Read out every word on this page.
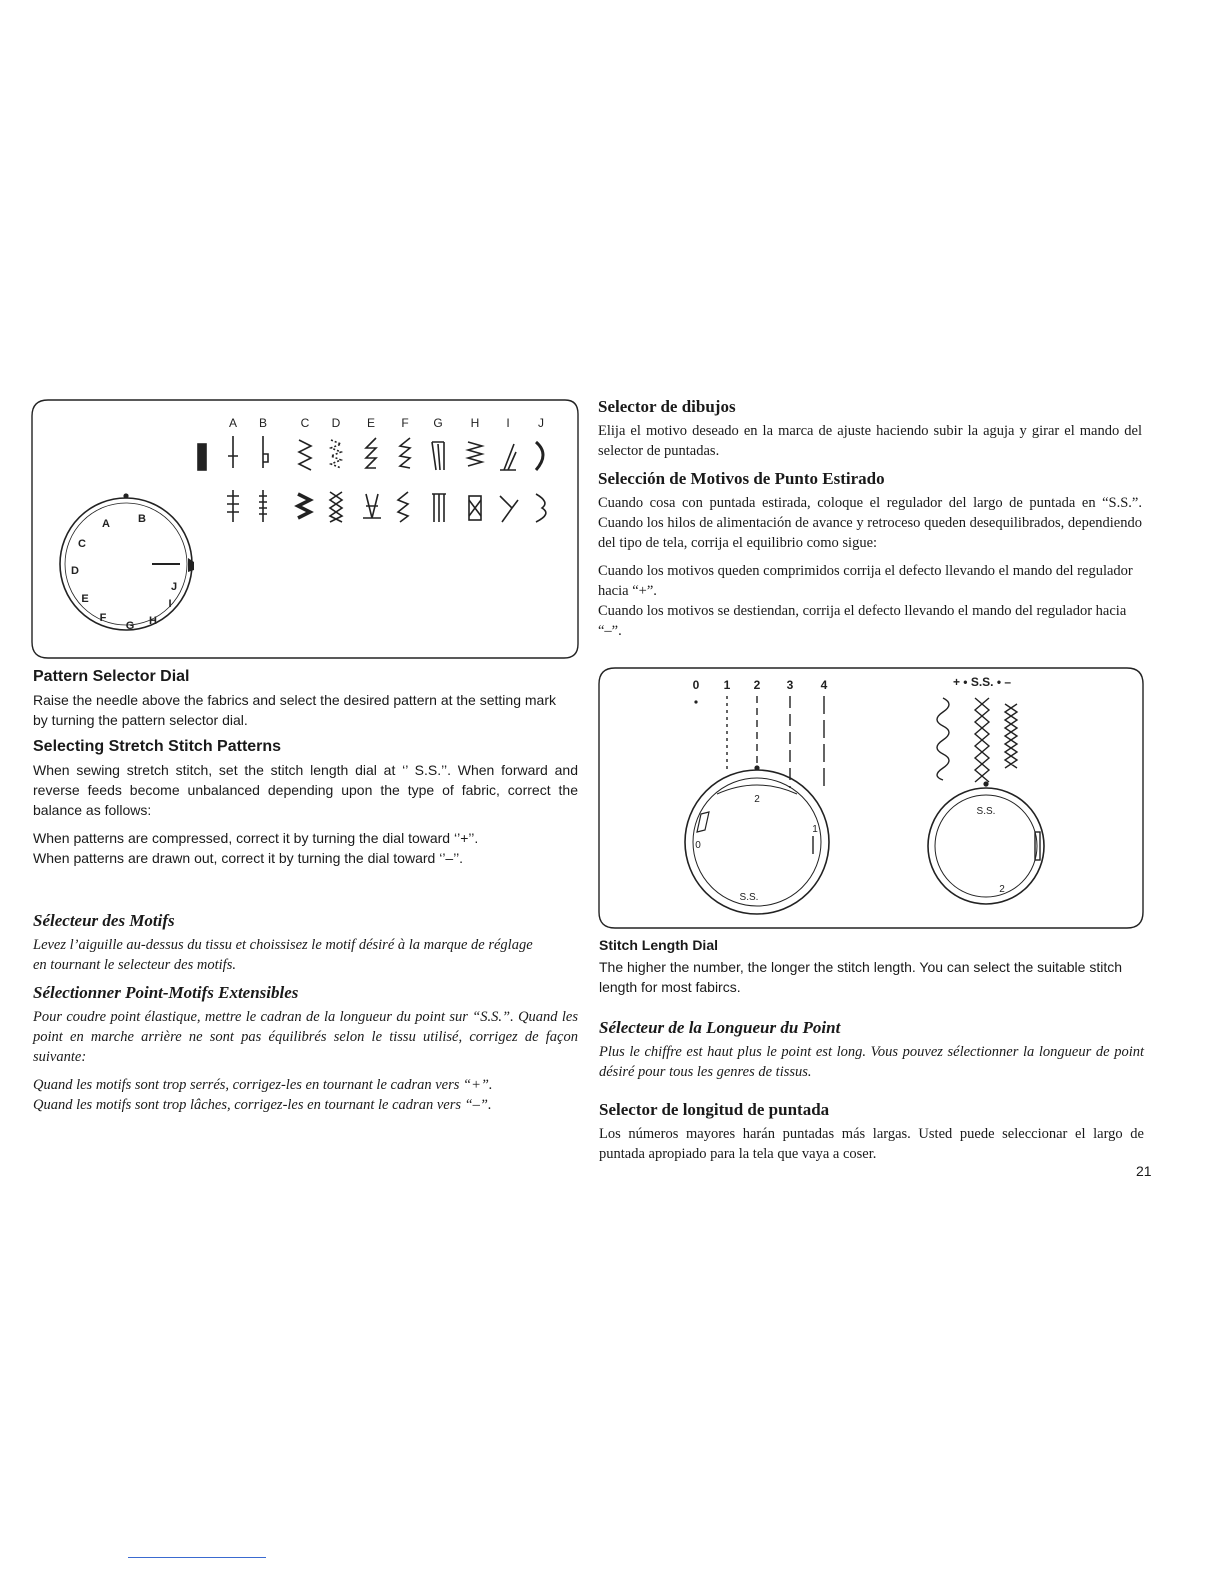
A B	C D E F G H I J
B
A
C
D
E
F
G H
I
J
Pattern Selector Dial

Raise the needle above the fabrics and select the desired pattern at the setting mark
by turning the pattern selector dial.

Selecting Stretch Stitch Patterns

When sewing stretch stitch, set the stitch length dial at ‘’ S.S.’’. When forward and reverse feeds become unbalanced depending upon the type of fabric, correct the balance as follows:

When patterns are compressed, correct it by turning the dial toward ‘’+’’.
When patterns are drawn out, correct it by turning the dial toward ‘’–’’.

Sélecteur des Motifs

Levez l’aiguille au-dessus du tissu et choissisez le motif désiré à la marque de réglage
en tournant le selecteur des motifs.

Sélectionner Point-Motifs Extensibles

Pour coudre point élastique, mettre le cadran de la longueur du point sur “S.S.”. Quand les point en marche arrière ne sont pas équilibrés selon le tissu utilisé, corrigez de façon suivante:

Quand les motifs sont trop serrés, corrigez-les en tournant le cadran vers “+”.
Quand les motifs sont trop lâches, corrigez-les en tournant le cadran vers “–”.

Selector de dibujos

Elija el motivo deseado en la marca de ajuste haciendo subir la aguja y girar el mando del selector de puntadas.

Selección de Motivos de Punto Estirado

Cuando cosa con puntada estirada, coloque el regulador del largo de puntada en “S.S.”. Cuando los hilos de alimentación de avance y retroceso queden desequilibrados, dependiendo del tipo de tela, corrija el equilibrio como sigue:

Cuando los motivos queden comprimidos corrija el defecto llevando el mando del regulador hacia “+”.

Cuando los motivos se destiendan, corrija el defecto llevando el mando del regulador hacia “–”.

0 1 2 3 4	+ • S.S. • –
2
S.S.
0
1
S.S.
2
Stitch Length Dial

The higher the number, the longer the stitch length. You can select the suitable stitch length for most fabircs.

Sélecteur de la Longueur du Point

Plus le chiffre est haut plus le point est long. Vous pouvez sélectionner la longueur de point désiré pour tous les genres de tissus.

Selector de longitud de puntada

Los números mayores harán puntadas más largas. Usted puede seleccionar el largo de puntada apropiado para la tela que vaya a coser.

21
